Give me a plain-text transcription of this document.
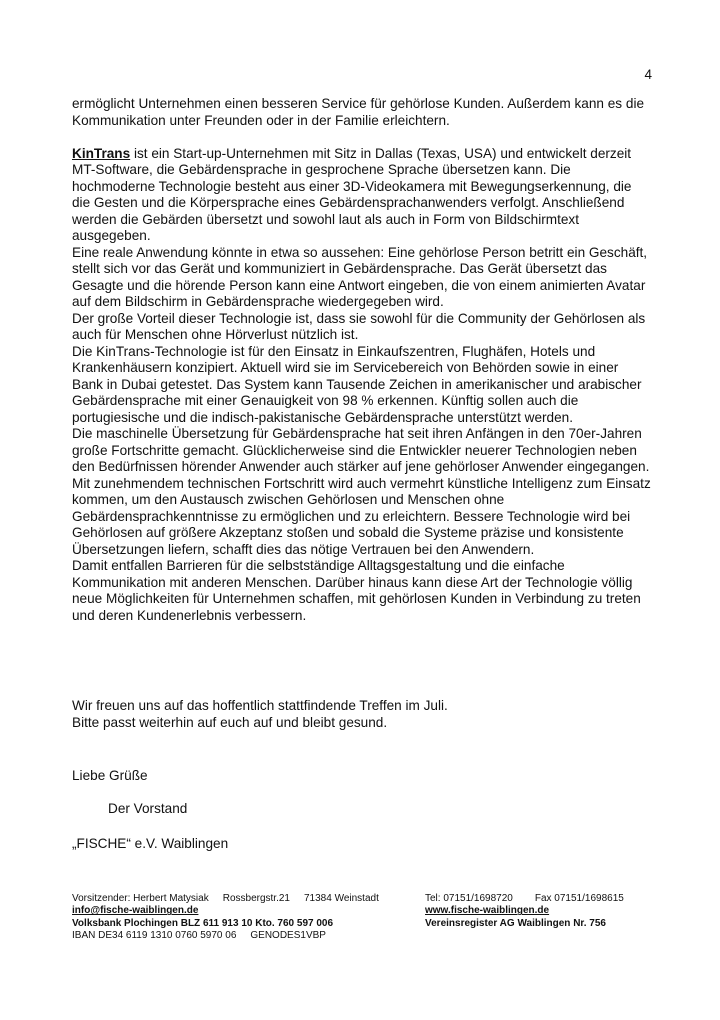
4

ermöglicht Unternehmen einen besseren Service für gehörlose Kunden. Außerdem kann es die Kommunikation unter Freunden oder in der Familie erleichtern.

KinTrans ist ein Start-up-Unternehmen mit Sitz in Dallas (Texas, USA) und entwickelt derzeit MT-Software, die Gebärdensprache in gesprochene Sprache übersetzen kann. Die hochmoderne Technologie besteht aus einer 3D-Videokamera mit Bewegungserkennung, die die Gesten und die Körpersprache eines Gebärdensprachanwenders verfolgt. Anschließend werden die Gebärden übersetzt und sowohl laut als auch in Form von Bildschirmtext ausgegeben.

Eine reale Anwendung könnte in etwa so aussehen: Eine gehörlose Person betritt ein Geschäft, stellt sich vor das Gerät und kommuniziert in Gebärdensprache. Das Gerät übersetzt das Gesagte und die hörende Person kann eine Antwort eingeben, die von einem animierten Avatar auf dem Bildschirm in Gebärdensprache wiedergegeben wird.

Der große Vorteil dieser Technologie ist, dass sie sowohl für die Community der Gehörlosen als auch für Menschen ohne Hörverlust nützlich ist.

Die KinTrans-Technologie ist für den Einsatz in Einkaufszentren, Flughäfen, Hotels und Krankenhäusern konzipiert. Aktuell wird sie im Servicebereich von Behörden sowie in einer Bank in Dubai getestet. Das System kann Tausende Zeichen in amerikanischer und arabischer Gebärdensprache mit einer Genauigkeit von 98 % erkennen. Künftig sollen auch die portugiesische und die indisch-pakistanische Gebärdensprache unterstützt werden.

Die maschinelle Übersetzung für Gebärdensprache hat seit ihren Anfängen in den 70er-Jahren große Fortschritte gemacht. Glücklicherweise sind die Entwickler neuerer Technologien neben den Bedürfnissen hörender Anwender auch stärker auf jene gehörloser Anwender eingegangen.

Mit zunehmendem technischen Fortschritt wird auch vermehrt künstliche Intelligenz zum Einsatz kommen, um den Austausch zwischen Gehörlosen und Menschen ohne Gebärdensprachkenntnisse zu ermöglichen und zu erleichtern. Bessere Technologie wird bei Gehörlosen auf größere Akzeptanz stoßen und sobald die Systeme präzise und konsistente Übersetzungen liefern, schafft dies das nötige Vertrauen bei den Anwendern.

Damit entfallen Barrieren für die selbstständige Alltagsgestaltung und die einfache Kommunikation mit anderen Menschen. Darüber hinaus kann diese Art der Technologie völlig neue Möglichkeiten für Unternehmen schaffen, mit gehörlosen Kunden in Verbindung zu treten und deren Kundenerlebnis verbessern.

Wir freuen uns auf das hoffentlich stattfindende Treffen im Juli.

Bitte passt weiterhin auf euch auf und bleibt gesund.

Liebe Grüße
Der Vorstand
„FISCHE“ e.V. Waiblingen
Vorsitzender: Herbert Matysiak Rossbergstr.21 71384 Weinstadt
info@fische-waiblingen.de
Volksbank Plochingen BLZ 611 913 10 Kto. 760 597 006
IBAN DE34 6119 1310 0760 5970 06 GENODES1VBP
Tel: 07151/1698720 Fax 07151/1698615
www.fische-waiblingen.de
Vereinsregister AG Waiblingen Nr. 756
